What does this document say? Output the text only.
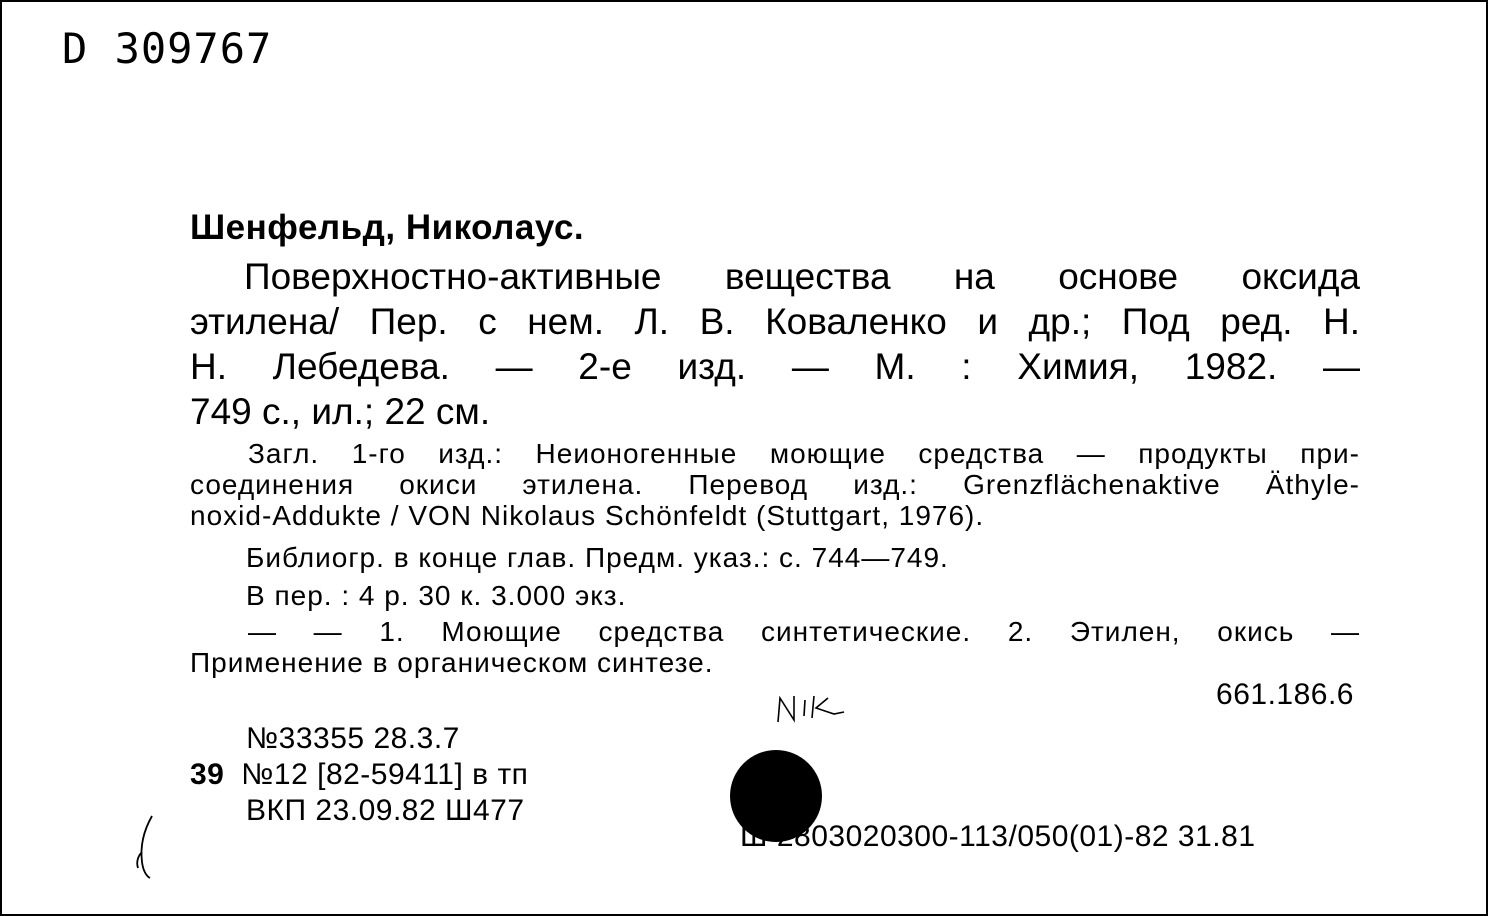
D 309767
Шенфельд, Николаус.

Поверхностно-активные вещества на основе оксида

этилена/ Пер. с нем. Л. В. Коваленко и др.; Под ред. Н.

Н. Лебедева. — 2-е изд. — М. : Химия, 1982. —

749 с., ил.; 22 см.

Загл. 1-го изд.: Неионогенные моющие средства — продукты при-

соединения окиси этилена. Перевод изд.: Grenzflächenaktive Äthyle-

noxid-Addukte / VON Nikolaus Schönfeldt (Stuttgart, 1976).

Библиогр. в конце глав. Предм. указ.: с. 744—749.

В пер. : 4 р. 30 к. 3.000 экз.

— — 1. Моющие средства синтетические. 2. Этилен, окись —

Применение в органическом синтезе.

661.186.6
№33355 28.3.7
39 №12 [82-59411] в тп
ВКП 23.09.82 Ш477
Ш 2803020300-113/050(01)-82 31.81
